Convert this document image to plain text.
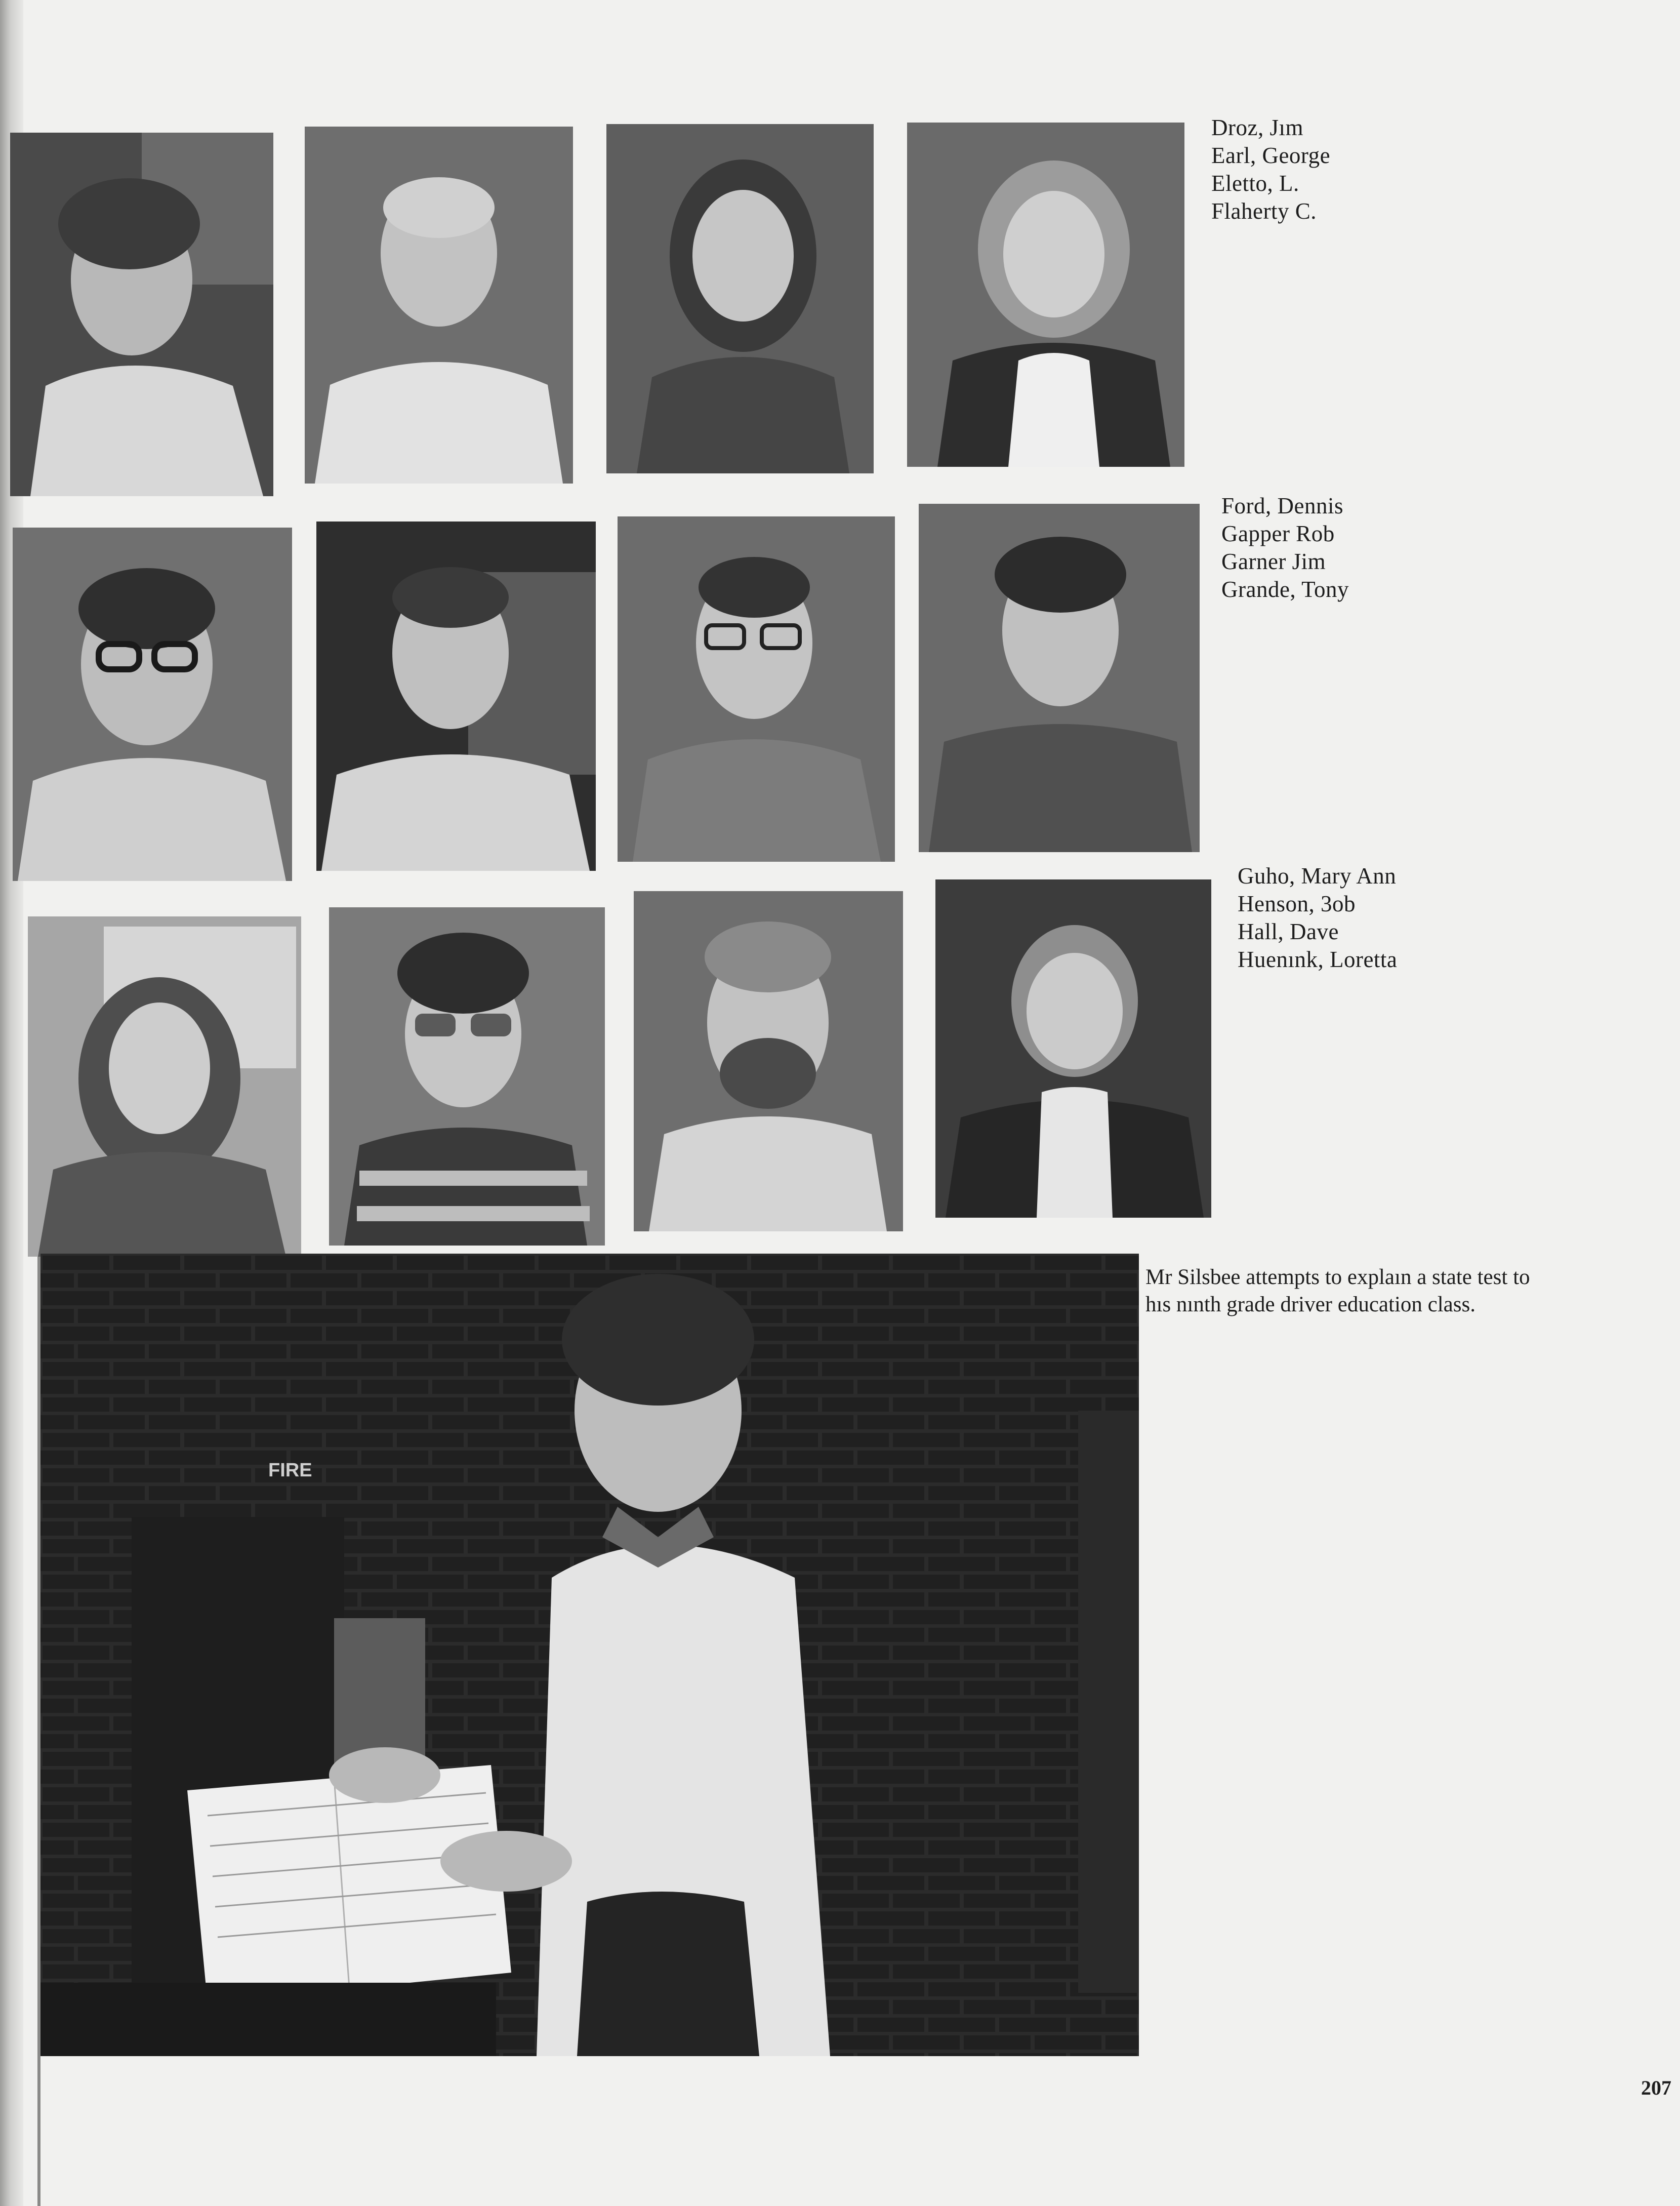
Droz, Jım
Earl, George
Eletto, L.
Flaherty C.
Ford, Dennis
Gapper Rob
Garner Jim
Grande, Tony
Guho, Mary Ann
Henson, 3ob
Hall, Dave
Huenınk, Loretta
FIRE
Mr Silsbee attempts to explaın a state test to hıs nınth grade driver education class.
207
